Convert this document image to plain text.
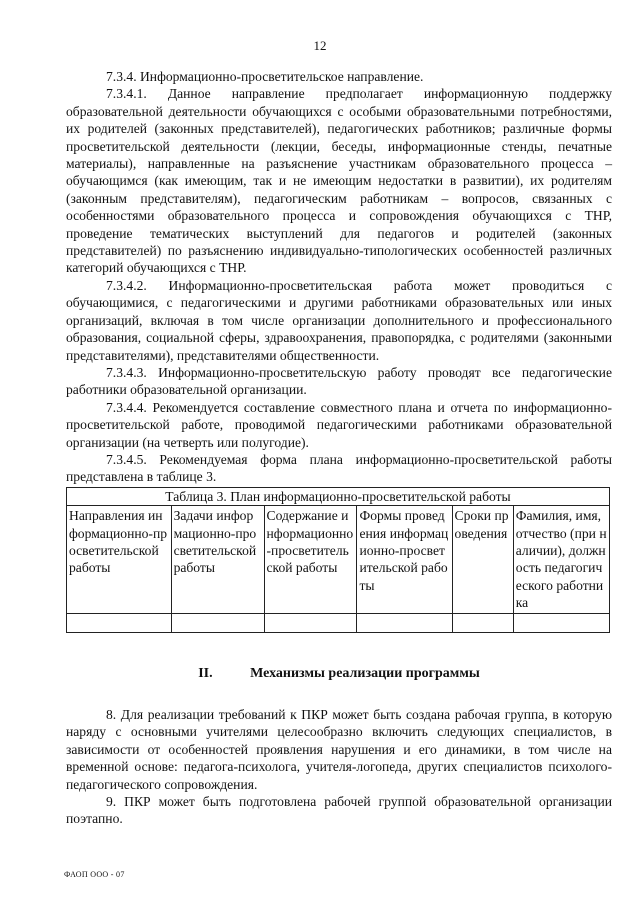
12

7.3.4. Информационно-просветительское направление.

7.3.4.1. Данное направление предполагает информационную поддержку образовательной деятельности обучающихся с особыми образовательными потребностями, их родителей (законных представителей), педагогических работников; различные формы просветительской деятельности (лекции, беседы, информационные стенды, печатные материалы), направленные на разъяснение участникам образовательного процесса – обучающимся (как имеющим, так и не имеющим недостатки в развитии), их родителям (законным представителям), педагогическим работникам – вопросов, связанных с особенностями образовательного процесса и сопровождения обучающихся с ТНР, проведение тематических выступлений для педагогов и родителей (законных представителей) по разъяснению индивидуально-типологических особенностей различных категорий обучающихся с ТНР.

7.3.4.2. Информационно-просветительская работа может проводиться с обучающимися, с педагогическими и другими работниками образовательных или иных организаций, включая в том числе организации дополнительного и профессионального образования, социальной сферы, здравоохранения, правопорядка, с родителями (законными представителями), представителями общественности.

7.3.4.3. Информационно-просветительскую работу проводят все педагогические работники образовательной организации.

7.3.4.4. Рекомендуется составление совместного плана и отчета по информационно-просветительской работе, проводимой педагогическими работниками образовательной организации (на четверть или полугодие).

7.3.4.5. Рекомендуемая форма плана информационно-просветительской работы представлена в таблице 3.

Таблица 3. План информационно-просветительской работы					
Направления информационно-просветительской работы	Задачи информационно-просветительской работы	Содержание информационно-просветительской работы	Формы проведения информационно-просветительской работы	Сроки проведения	Фамилия, имя, отчество (при наличии), должность педагогического работника

II.	Механизмы реализации программы

8. Для реализации требований к ПКР может быть создана рабочая группа, в которую наряду с основными учителями целесообразно включить следующих специалистов, в зависимости от особенностей проявления нарушения и его динамики, в том числе на временной основе: педагога-психолога, учителя-логопеда, других специалистов психолого-педагогического сопровождения.

9. ПКР может быть подготовлена рабочей группой образовательной организации поэтапно.

ФАОП ООО - 07
